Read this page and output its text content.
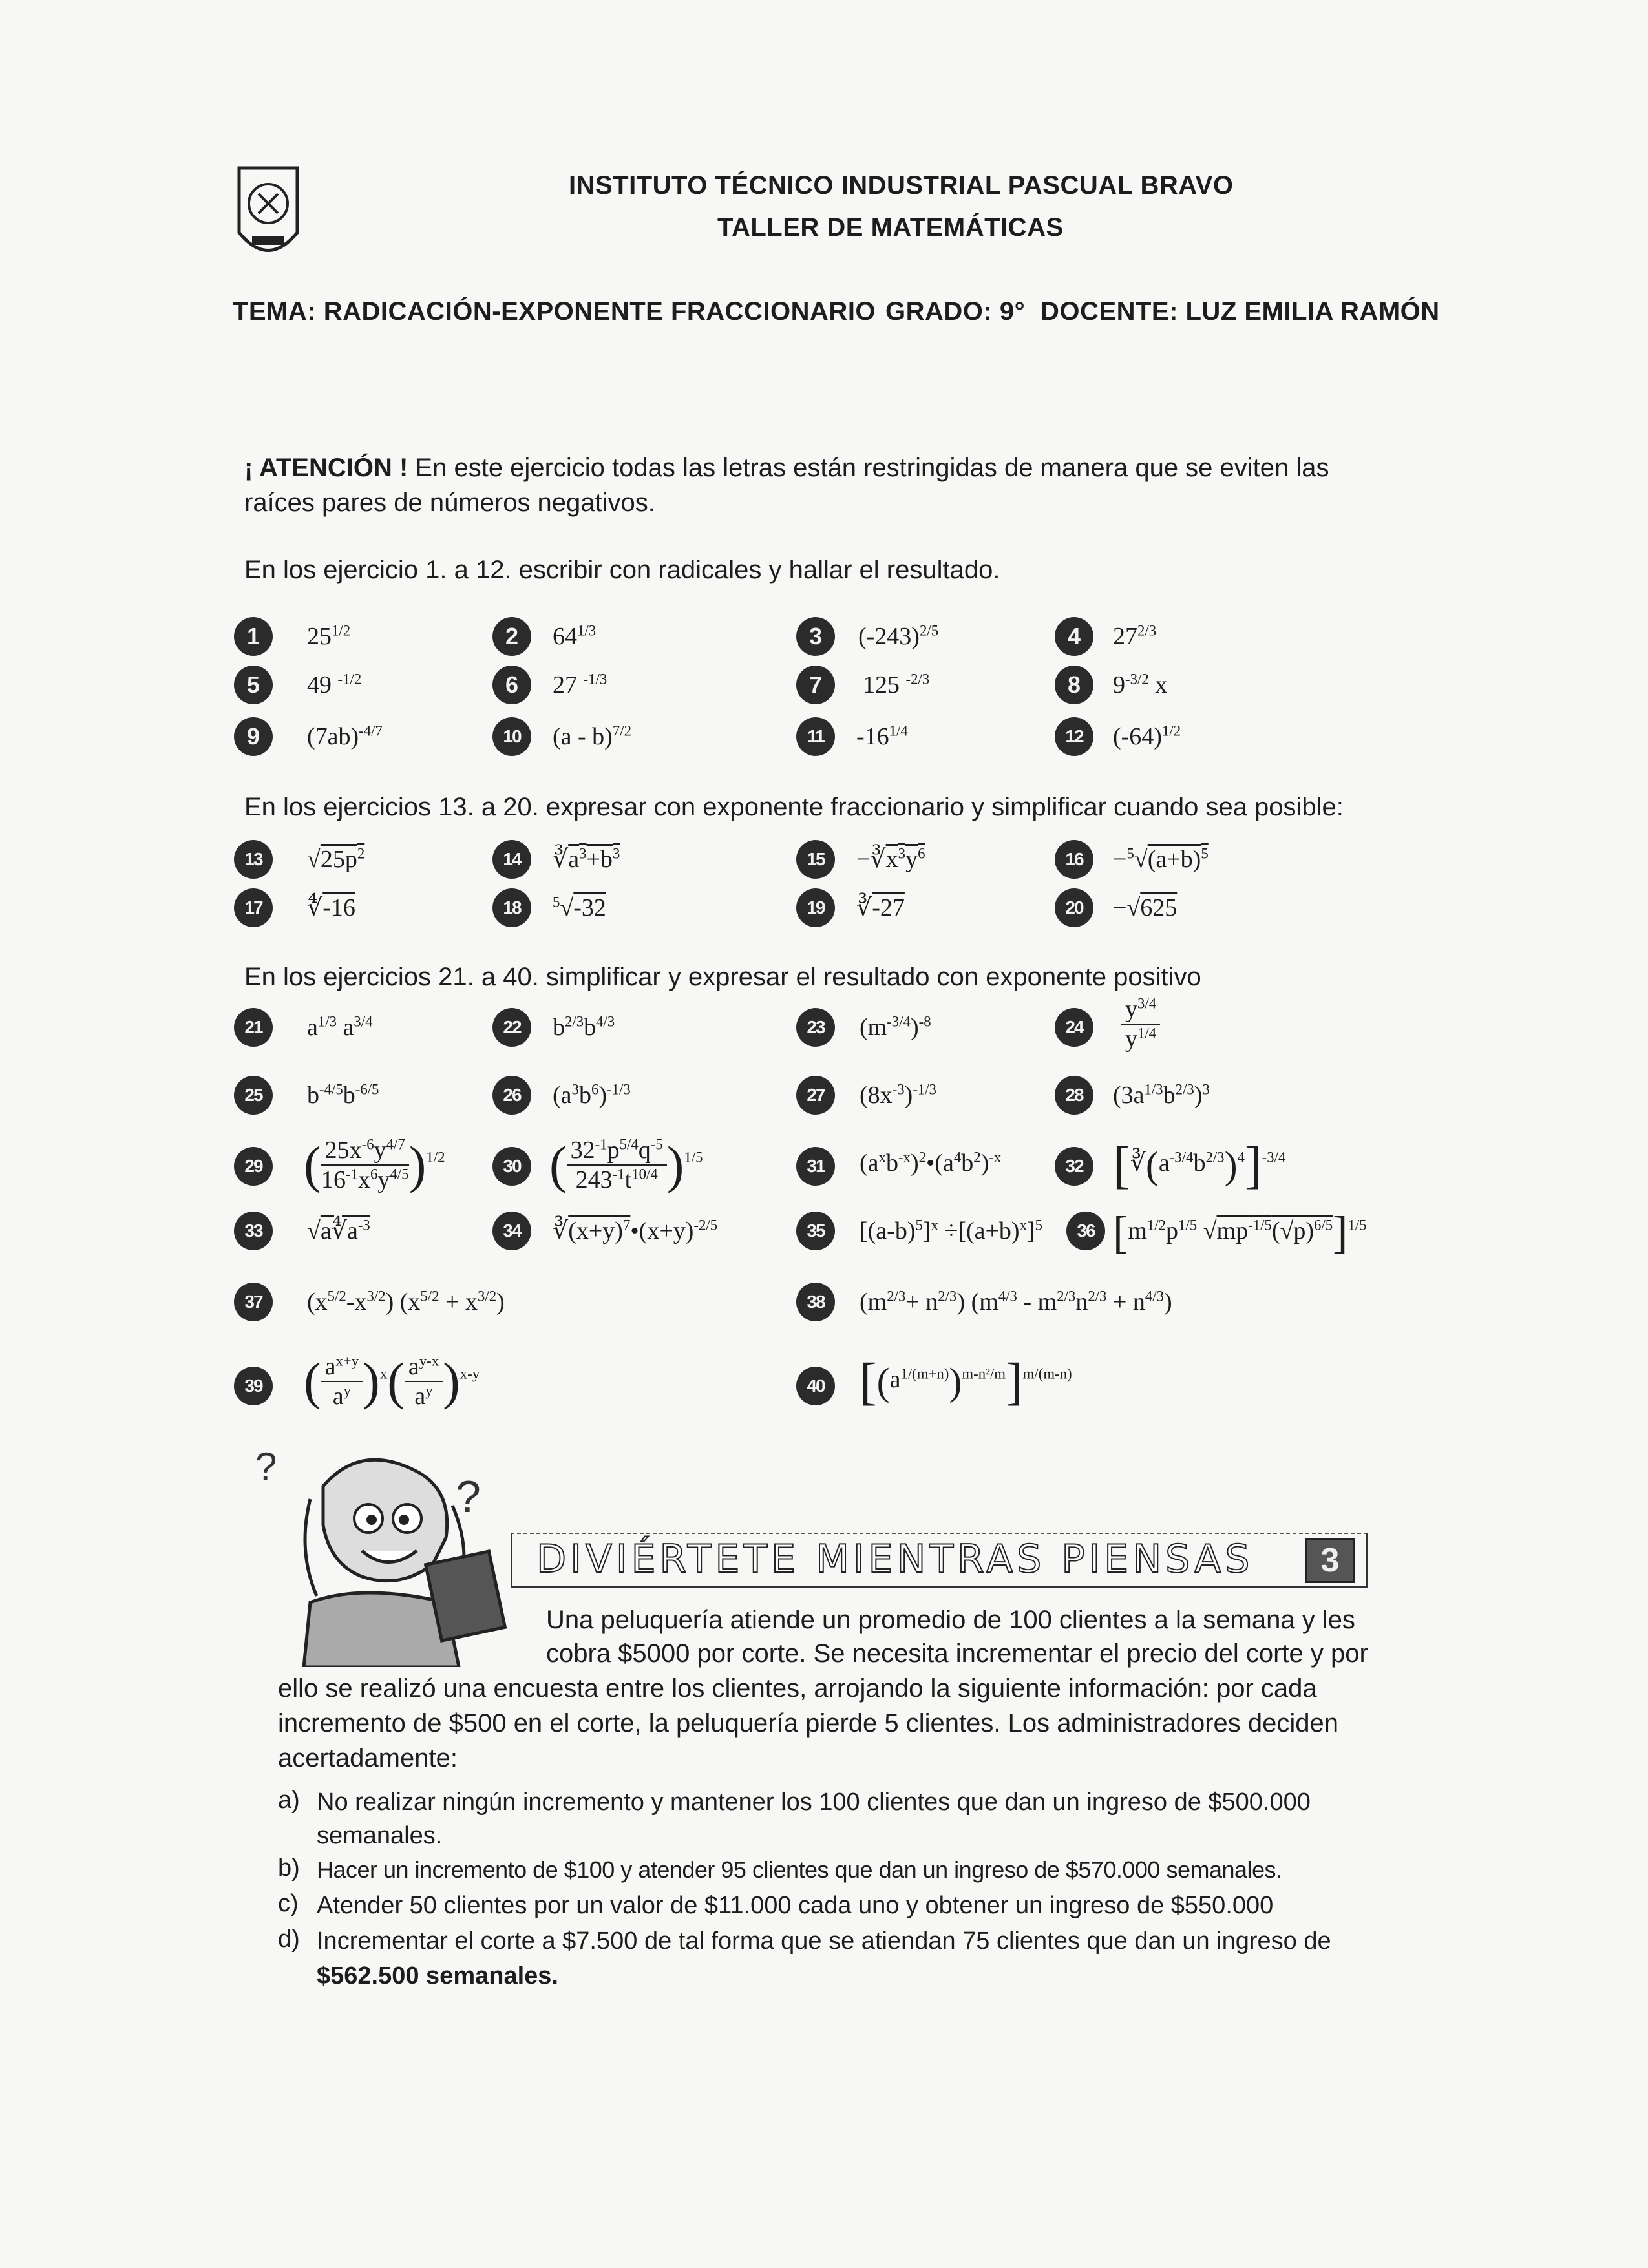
INSTITUTO TÉCNICO INDUSTRIAL PASCUAL BRAVO
TALLER DE MATEMÁTICAS
TEMA: RADICACIÓN-EXPONENTE FRACCIONARIO GRADO: 9° DOCENTE: LUZ EMILIA RAMÓN
¡ ATENCIÓN ! En este ejercicio todas las letras están restringidas de manera que se eviten las
raíces pares de números negativos.
En los ejercicio 1. a 12. escribir con radicales y hallar el resultado.
1	$25^{1/2}$	2	$64^{1/3}$	3	$(-243)^{2/5}$	4	$27^{2/3}$
5	49 $^{-1/2}$	6	27 $^{-1/3}$	7	125 $^{-2/3}$	8	$9^{-3/2}$ x
9	$(7ab)^{-4/7}$	10	(a - b)$^{7/2}$	11	$-16^{1/4}$	12	$(-64)^{1/2}$
En los ejercicios 13. a 20. expresar con exponente fraccionario y simplificar cuando sea posible:
13	$√25p^2$	14	$∛a^3+b^3$	15	$-∛x^3y^6$	16	$-^5√(a+b)^5$
17	∜-16	18	$^5$√-32	19	∛-27	20	−√625
En los ejercicios 21. a 40. simplificar y expresar el resultado con exponente positivo
21	$a^{1/3}$ $a^{3/4}$	22	$b^{2/3}b^{4/3}$	23	$(m^{-3/4})^{-8}$	24	$\frac{y^{3/4}}{y^{1/4}}$
25	$b^{-4/5}b^{-6/5}$	26	$(a^3b^6)^{-1/3}$	27	$(8x^{-3})^{-1/3}$	28	$(3a^{1/3}b^{2/3})^3$
29 ( $\frac{25x^{-6}y^{4/7}}{16^{-1}x^6y^{4/5}} )^{1/2}$	30 ( $\frac{32^{-1}p^{5/4}q^{-5}}{243^{-1}t^{10/4}} )^{1/5}$	31	$(a^xb^{-x})^2•(a^4b^2)^{-x}$	32 $[∛(a^{-3/4}b^{2/3})^4]^{-3/4}$
33	$√a∜a^{-3}$	34	$∛(x+y)^7•(x+y)^{-2/5}$	35	$[(a-b)^5]^x \div[(a+b)^x]^5$	36 [$m^{1/2}p^{1/5}$ $√mp^{-1/5}(√p)^{6/5}]^{1/5}$
37	$(x^{5/2}-x^{3/2}) (x^{5/2} + x^{3/2})$	38	$(m^{2/3}+ n^{2/3})$ $(m^{4/3} - m^{2/3}n^{2/3} + n^{4/3})$
39 ( $\frac{a^{x+y}}{a^y} )^x( \frac{a^{y-x}}{a^y} )^{x-y}$
40 $[(a^{1/(m+n)})^{m-n^2/m}]^{m/(m-n)}$
?
?
DIVIÉRTETE MIENTRAS PIENSAS	3
Una peluquería atiende un promedio de 100 clientes a la semana y les
cobra $5000 por corte. Se necesita incrementar el precio del corte y por
ello se realizó una encuesta entre los clientes, arrojando la siguiente información: por cada
incremento de $500 en el corte, la peluquería pierde 5 clientes. Los administradores deciden
acertadamente:
a) No realizar ningún incremento y mantener los 100 clientes que dan un ingreso de $500.000
semanales.
b) Hacer un incremento de $100 y atender 95 clientes que dan un ingreso de $570.000 semanales.
c) Atender 50 clientes por un valor de $11.000 cada uno y obtener un ingreso de $550.000
d) Incrementar el corte a $7.500 de tal forma que se atiendan 75 clientes que dan un ingreso de
$562.500 semanales.
